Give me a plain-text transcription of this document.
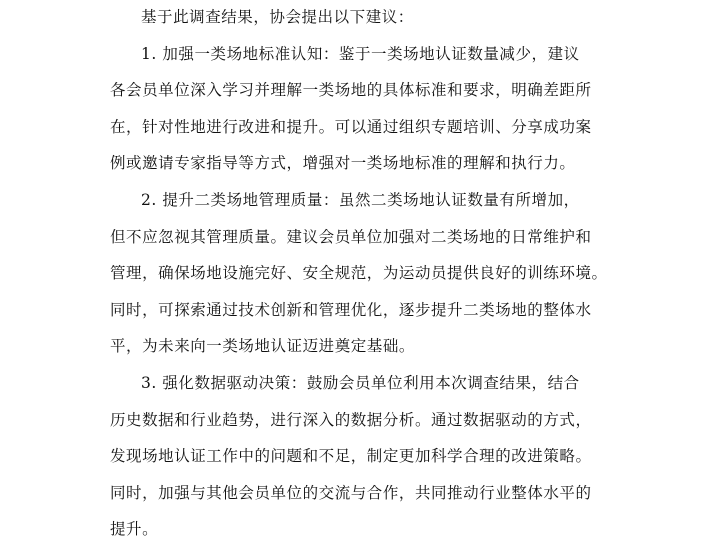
基于此调查结果，协会提出以下建议：
1. 加强一类场地标准认知：鉴于一类场地认证数量减少，建议
各会员单位深入学习并理解一类场地的具体标准和要求，明确差距所
在，针对性地进行改进和提升。可以通过组织专题培训、分享成功案
例或邀请专家指导等方式，增强对一类场地标准的理解和执行力。
2. 提升二类场地管理质量：虽然二类场地认证数量有所增加，
但不应忽视其管理质量。建议会员单位加强对二类场地的日常维护和
管理，确保场地设施完好、安全规范，为运动员提供良好的训练环境。
同时，可探索通过技术创新和管理优化，逐步提升二类场地的整体水
平，为未来向一类场地认证迈进奠定基础。
3. 强化数据驱动决策：鼓励会员单位利用本次调查结果，结合
历史数据和行业趋势，进行深入的数据分析。通过数据驱动的方式，
发现场地认证工作中的问题和不足，制定更加科学合理的改进策略。
同时，加强与其他会员单位的交流与合作，共同推动行业整体水平的
提升。
